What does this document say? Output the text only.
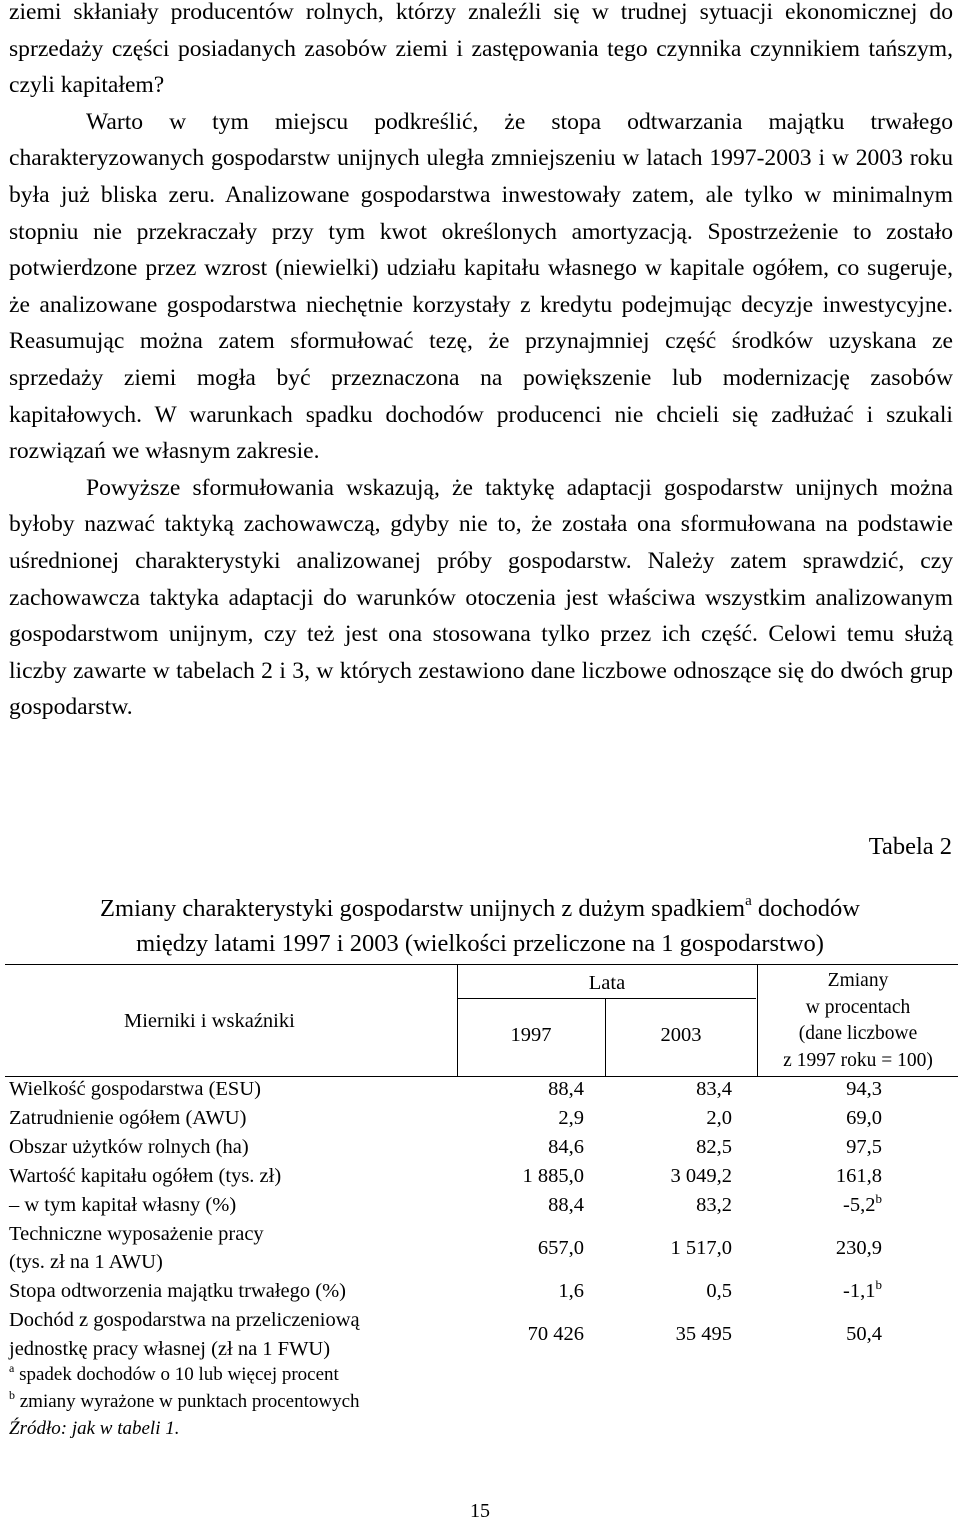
ziemi skłaniały producentów rolnych, którzy znaleźli się w trudnej sytuacji ekonomicznej do sprzedaży części posiadanych zasobów ziemi i zastępowania tego czynnika czynnikiem tańszym, czyli kapitałem?

Warto w tym miejscu podkreślić, że stopa odtwarzania majątku trwałego charakteryzowanych gospodarstw unijnych uległa zmniejszeniu w latach 1997-2003 i w 2003 roku była już bliska zeru. Analizowane gospodarstwa inwestowały zatem, ale tylko w minimalnym stopniu nie przekraczały przy tym kwot określonych amortyzacją. Spostrzeżenie to zostało potwierdzone przez wzrost (niewielki) udziału kapitału własnego w kapitale ogółem, co sugeruje, że analizowane gospodarstwa niechętnie korzystały z kredytu podejmując decyzje inwestycyjne. Reasumując można zatem sformułować tezę, że przynajmniej część środków uzyskana ze sprzedaży ziemi mogła być przeznaczona na powiększenie lub modernizację zasobów kapitałowych. W warunkach spadku dochodów producenci nie chcieli się zadłużać i szukali rozwiązań we własnym zakresie.

Powyższe sformułowania wskazują, że taktykę adaptacji gospodarstw unijnych można byłoby nazwać taktyką zachowawczą, gdyby nie to, że została ona sformułowana na podstawie uśrednionej charakterystyki analizowanej próby gospodarstw. Należy zatem sprawdzić, czy zachowawcza taktyka adaptacji do warunków otoczenia jest właściwa wszystkim analizowanym gospodarstwom unijnym, czy też jest ona stosowana tylko przez ich część. Celowi temu służą liczby zawarte w tabelach 2 i 3, w których zestawiono dane liczbowe odnoszące się do dwóch grup gospodarstw.

Tabela 2
Zmiany charakterystyki gospodarstw unijnych z dużym spadkiem$^a$ dochodów
między latami 1997 i 2003 (wielkości przeliczone na 1 gospodarstwo)
Mierniki i wskaźniki
Lata
1997	2003
Zmiany
w procentach
(dane liczbowe
z 1997 roku = 100)
Wielkość gospodarstwa (ESU)	88,4	83,4	94,3
Zatrudnienie ogółem (AWU)	2,9	2,0	69,0
Obszar użytków rolnych (ha)	84,6	82,5	97,5
Wartość kapitału ogółem (tys. zł)	1 885,0	3 049,2	161,8
– w tym kapitał własny (%)	88,4	83,2	-5,2$^b$
Techniczne wyposażenie pracy
(tys. zł na 1 AWU)
657,0	1 517,0	230,9
Stopa odtworzenia majątku trwałego (%)	1,6	0,5	-1,1$^b$
Dochód z gospodarstwa na przeliczeniową
jednostkę pracy własnej (zł na 1 FWU)
70 426	35 495	50,4
$^a$ spadek dochodów o 10 lub więcej procent
$^b$ zmiany wyrażone w punktach procentowych
Źródło: jak w tabeli 1.
15
